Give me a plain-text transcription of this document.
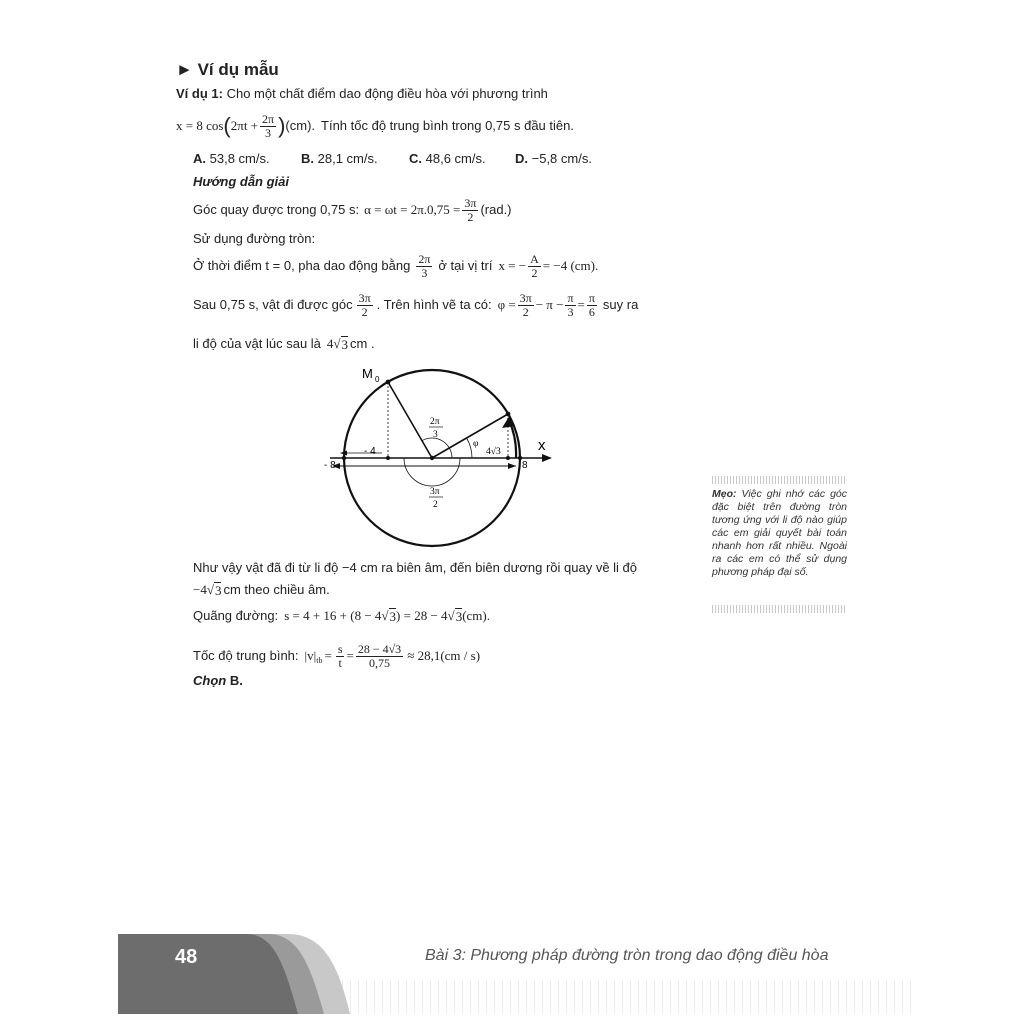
► Ví dụ mẫu
Ví dụ 1: Cho một chất điểm dao động điều hòa với phương trình
x = 8 cos ( $2\pi t + \frac{2\pi}{3}$ ) (cm). Tính tốc độ trung bình trong 0,75 s đầu tiên.
A. 53,8 cm/s. B. 28,1 cm/s. C. 48,6 cm/s. D. −5,8 cm/s.
Hướng dẫn giải
Góc quay được trong 0,75 s: $\alpha = \omega t = 2\pi.0,75 = \frac{3\pi}{2} (rad.)$
Sử dụng đường tròn:
Ở thời điểm t = 0, pha dao động bằng $\frac{2\pi}{3}$ ở tại vị trí x = − $\frac{A}{2} = -4$ (cm).
Sau 0,75 s, vật đi được góc $\frac{3\pi}{2}$ . Trên hình vẽ ta có: $\varphi = \frac{3\pi}{2} - \pi - \frac{\pi}{3} = \frac{\pi}{6}$ suy ra
li độ của vật lúc sau là 4 √ 3 cm .
M 0
x
- 8
- 4
8
2π
3
3π
2
φ
4√3
Như vậy vật đã đi từ li độ −4 cm ra biên âm, đến biên dương rồi quay về li độ
−4 √ 3 cm theo chiều âm.
Quãng đường: s = 4 + 16 + (8 − 4 √ 3 ) = 28 − 4 √ 3 (cm).
Tốc độ trung bình: |v| tb = $\frac{s}{t} = \frac{28 - 4√3}{0,75} \approx 28,1(cm / s)$
Chọn B.
Mẹo: Việc ghi nhớ các góc đặc biệt trên đường tròn tương ứng với li độ nào giúp các em giải quyết bài toán nhanh hơn rất nhiều. Ngoài ra các em có thể sử dụng phương pháp đại số.
48	Bài 3: Phương pháp đường tròn trong dao động điều hòa
